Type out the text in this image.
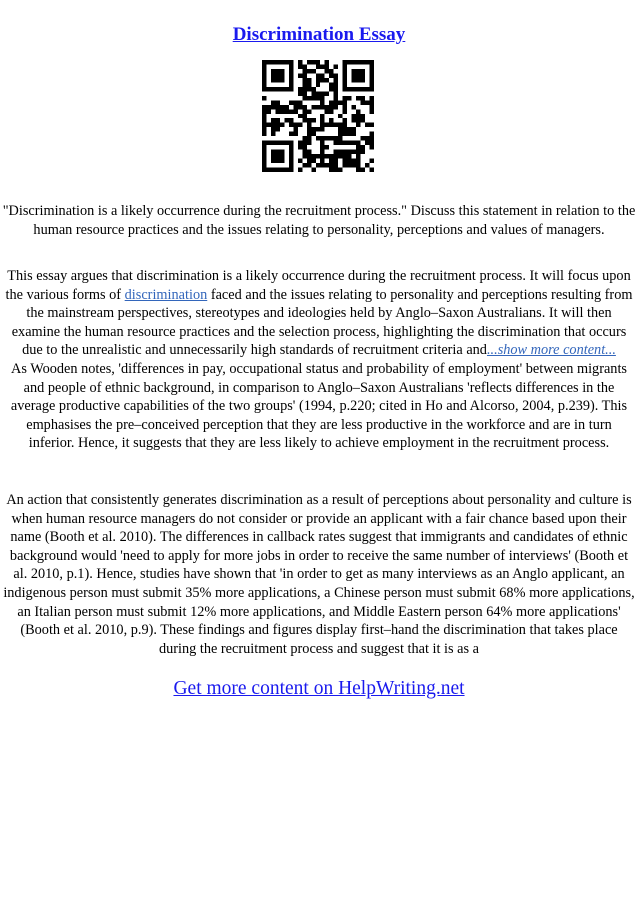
Discrimination Essay

"Discrimination is a likely occurrence during the recruitment process." Discuss this statement in relation to the human resource practices and the issues relating to personality, perceptions and values of managers.

This essay argues that discrimination is a likely occurrence during the recruitment process. It will focus upon the various forms of discrimination faced and the issues relating to personality and perceptions resulting from the mainstream perspectives, stereotypes and ideologies held by Anglo–Saxon Australians. It will then examine the human resource practices and the selection process, highlighting the discrimination that occurs due to the unrealistic and unnecessarily high standards of recruitment criteria and...show more content...
As Wooden notes, 'differences in pay, occupational status and probability of employment' between migrants and people of ethnic background, in comparison to Anglo–Saxon Australians 'reflects differences in the average productive capabilities of the two groups' (1994, p.220; cited in Ho and Alcorso, 2004, p.239). This emphasises the pre–conceived perception that they are less productive in the workforce and are in turn inferior. Hence, it suggests that they are less likely to achieve employment in the recruitment process.

An action that consistently generates discrimination as a result of perceptions about personality and culture is when human resource managers do not consider or provide an applicant with a fair chance based upon their name (Booth et al. 2010). The differences in callback rates suggest that immigrants and candidates of ethnic background would 'need to apply for more jobs in order to receive the same number of interviews' (Booth et al. 2010, p.1). Hence, studies have shown that 'in order to get as many interviews as an Anglo applicant, an indigenous person must submit 35% more applications, a Chinese person must submit 68% more applications, an Italian person must submit 12% more applications, and Middle Eastern person 64% more applications' (Booth et al. 2010, p.9). These findings and figures display first–hand the discrimination that takes place during the recruitment process and suggest that it is as a

Get more content on HelpWriting.net
